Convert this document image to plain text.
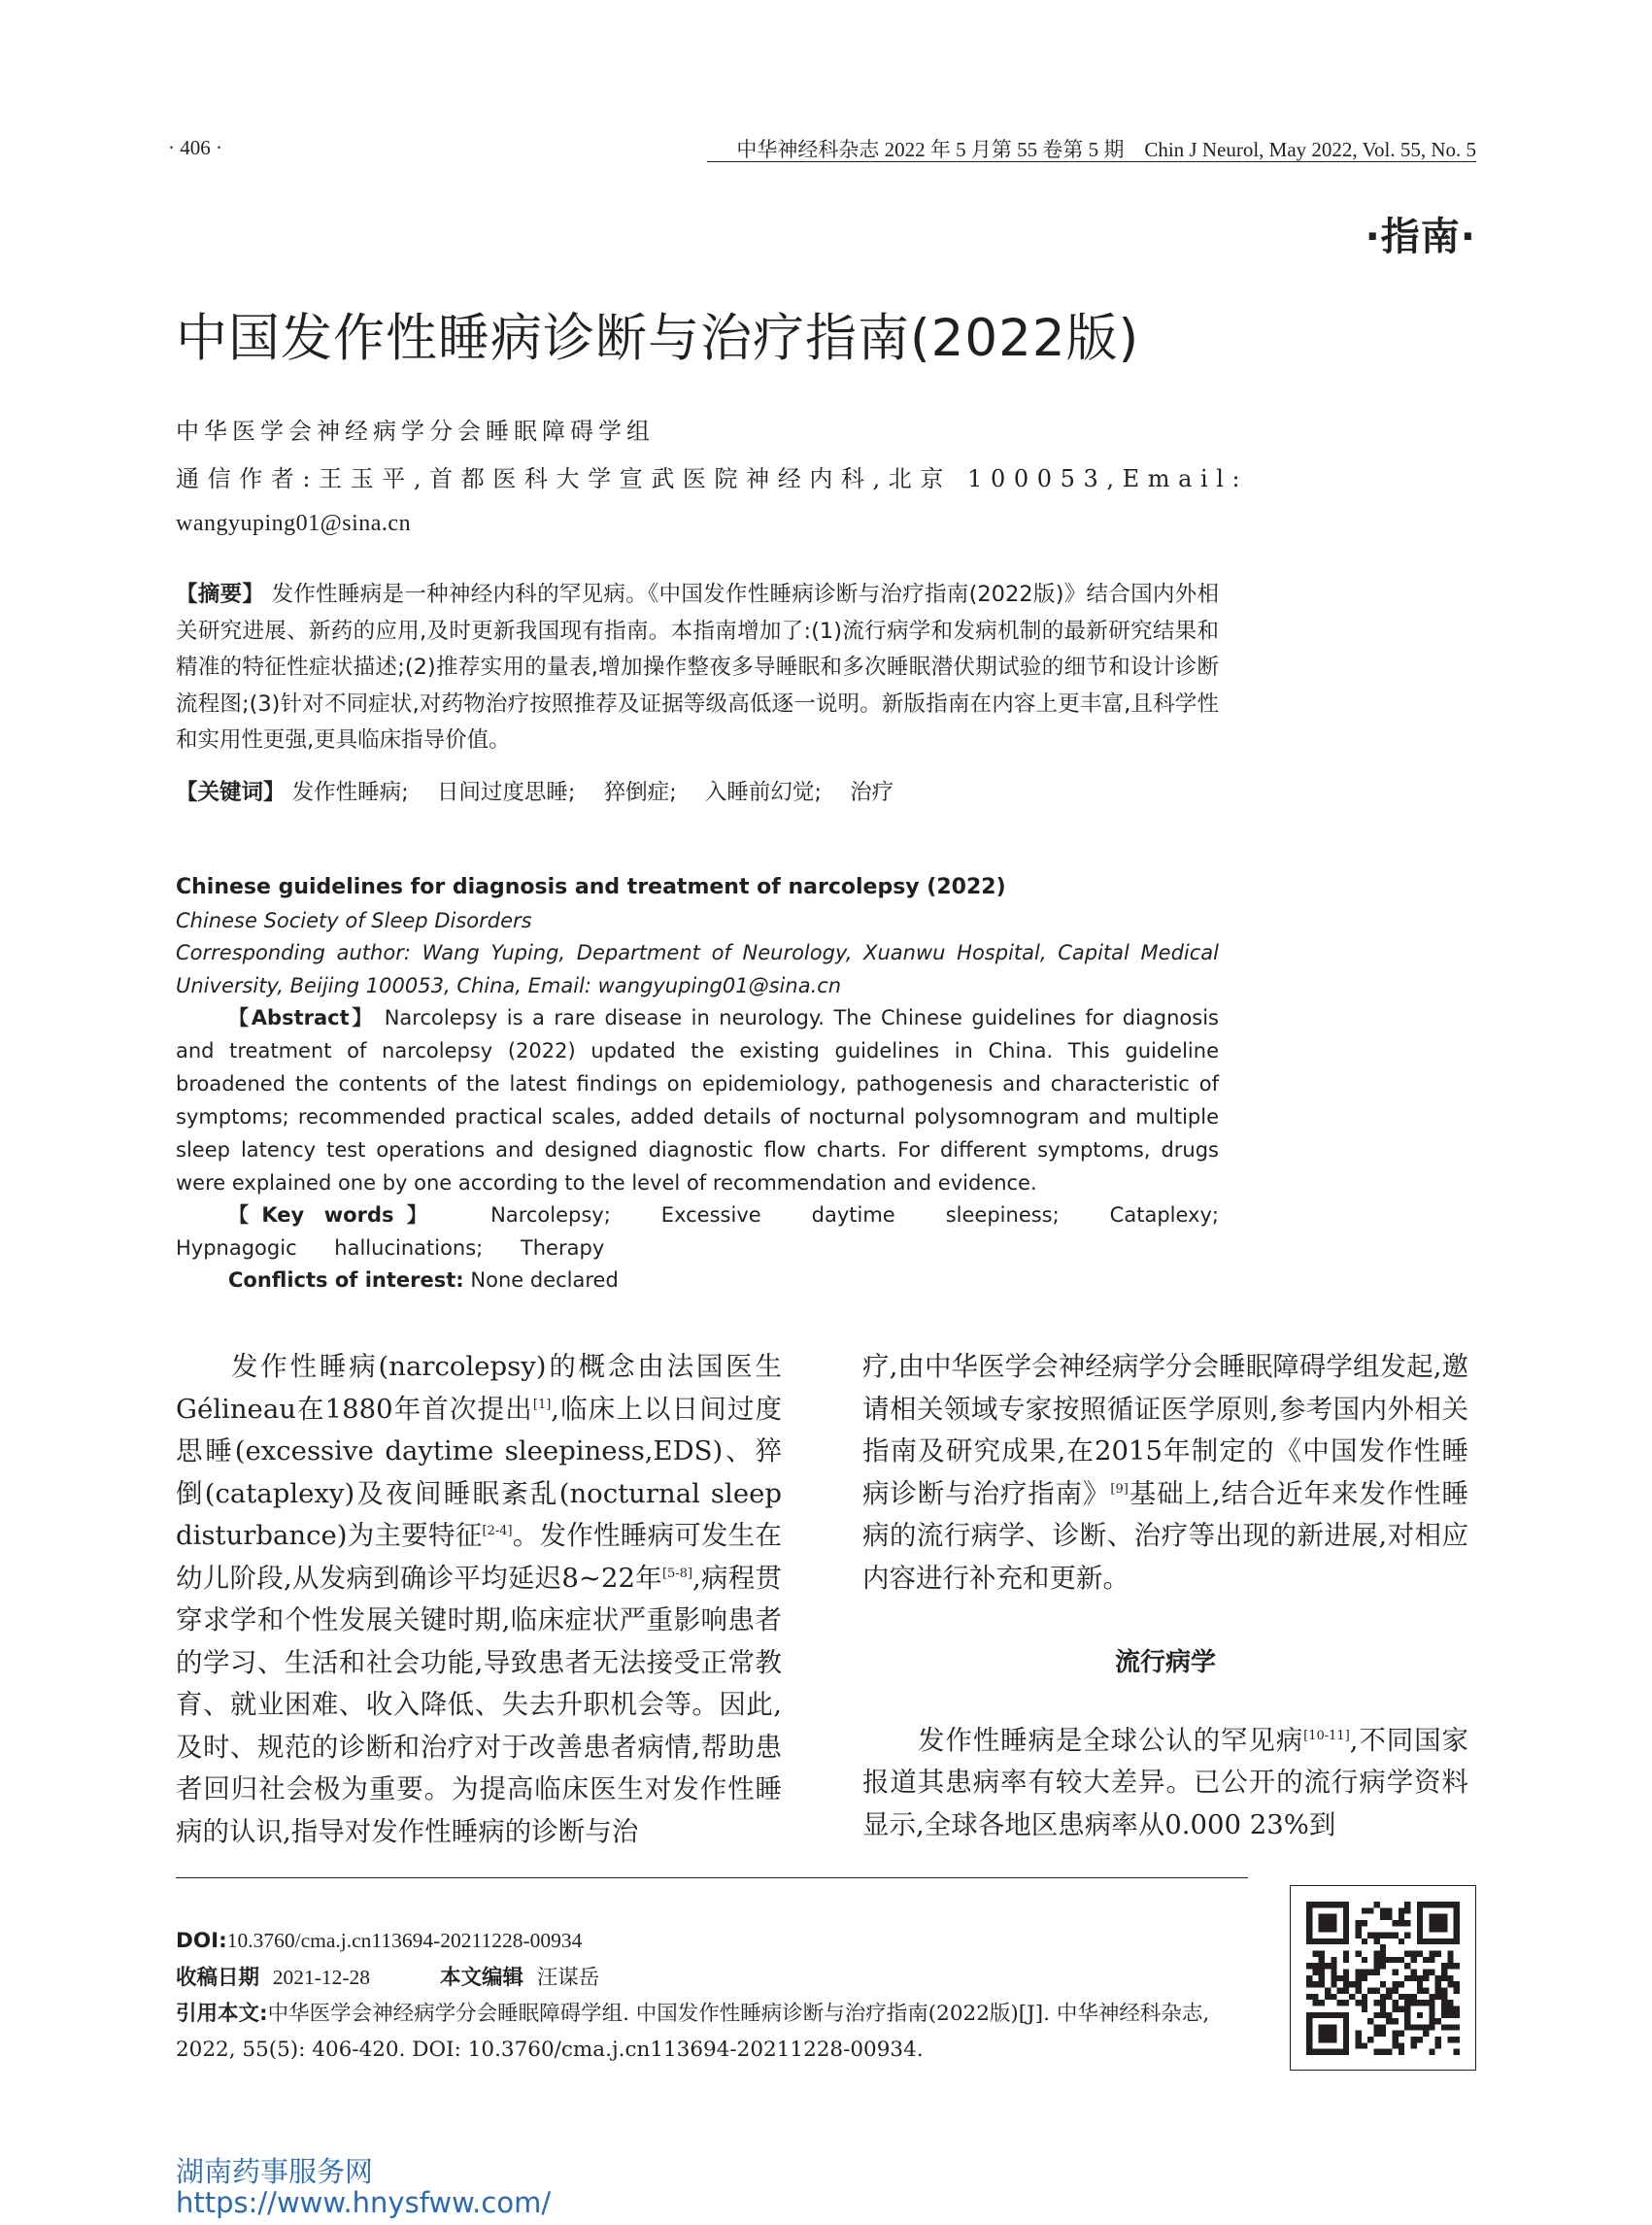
· 406 ·	中华神经科杂志 2022 年 5 月第 55 卷第 5 期　Chin J Neurol, May 2022, Vol. 55, No. 5
·指南·
中国发作性睡病诊断与治疗指南(2022版)
中华医学会神经病学分会睡眠障碍学组
通信作者:王玉平,首都医科大学宣武医院神经内科,北京 100053,Email:
wangyuping01@sina.cn
【摘要】 发作性睡病是一种神经内科的罕见病。《中国发作性睡病诊断与治疗指南(2022版)》结合国内外相关研究进展、新药的应用,及时更新我国现有指南。本指南增加了:(1)流行病学和发病机制的最新研究结果和精准的特征性症状描述;(2)推荐实用的量表,增加操作整夜多导睡眠和多次睡眠潜伏期试验的细节和设计诊断流程图;(3)针对不同症状,对药物治疗按照推荐及证据等级高低逐一说明。新版指南在内容上更丰富,且科学性和实用性更强,更具临床指导价值。
【关键词】 发作性睡病; 日间过度思睡; 猝倒症; 入睡前幻觉; 治疗
Chinese guidelines for diagnosis and treatment of narcolepsy (2022)
Chinese Society of Sleep Disorders
Corresponding author: Wang Yuping, Department of Neurology, Xuanwu Hospital, Capital Medical University, Beijing 100053, China, Email: wangyuping01@sina.cn
【Abstract】 Narcolepsy is a rare disease in neurology. The Chinese guidelines for diagnosis and treatment of narcolepsy (2022) updated the existing guidelines in China. This guideline broadened the contents of the latest findings on epidemiology, pathogenesis and characteristic of symptoms; recommended practical scales, added details of nocturnal polysomnogram and multiple sleep latency test operations and designed diagnostic flow charts. For different symptoms, drugs were explained one by one according to the level of recommendation and evidence.
【Key words】 Narcolepsy; Excessive daytime sleepiness; Cataplexy; Hypnagogic hallucinations; Therapy
Conflicts of interest: None declared
发作性睡病(narcolepsy)的概念由法国医生Gélineau在1880年首次提出[1],临床上以日间过度思睡(excessive daytime sleepiness,EDS)、猝倒(cataplexy)及夜间睡眠紊乱(nocturnal sleep disturbance)为主要特征[2-4]。发作性睡病可发生在幼儿阶段,从发病到确诊平均延迟8~22年[5-8],病程贯穿求学和个性发展关键时期,临床症状严重影响患者的学习、生活和社会功能,导致患者无法接受正常教育、就业困难、收入降低、失去升职机会等。因此,及时、规范的诊断和治疗对于改善患者病情,帮助患者回归社会极为重要。为提高临床医生对发作性睡病的认识,指导对发作性睡病的诊断与治

疗,由中华医学会神经病学分会睡眠障碍学组发起,邀请相关领域专家按照循证医学原则,参考国内外相关指南及研究成果,在2015年制定的《中国发作性睡病诊断与治疗指南》[9]基础上,结合近年来发作性睡病的流行病学、诊断、治疗等出现的新进展,对相应内容进行补充和更新。

流行病学

发作性睡病是全球公认的罕见病[10-11],不同国家报道其患病率有较大差异。已公开的流行病学资料显示,全球各地区患病率从0.000 23%到

DOI:10.3760/cma.j.cn113694-20211228-00934
收稿日期 2021-12-28	本文编辑 汪谋岳
引用本文:中华医学会神经病学分会睡眠障碍学组. 中国发作性睡病诊断与治疗指南(2022版)[J]. 中华神经科杂志, 2022, 55(5): 406-420. DOI: 10.3760/cma.j.cn113694-20211228-00934.
湖南药事服务网
https://www.hnysfww.com/
